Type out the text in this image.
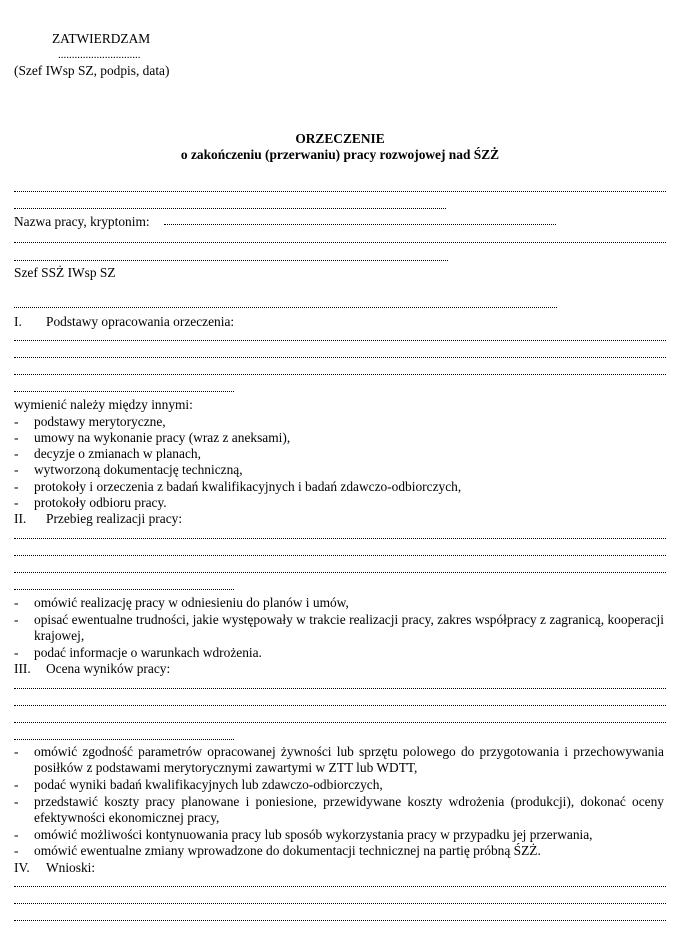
ZATWIERDZAM
..............................
(Szef IWsp SZ, podpis, data)
ORZECZENIE
o zakończeniu (przerwaniu) pracy rozwojowej nad ŚZŻ
Nazwa pracy, kryptonim:
Szef SSŻ IWsp SZ
I. Podstawy opracowania orzeczenia:
wymienić należy między innymi:
- podstawy merytoryczne,
- umowy na wykonanie pracy (wraz z aneksami),
- decyzje o zmianach w planach,
- wytworzoną dokumentację techniczną,
- protokoły i orzeczenia z badań kwalifikacyjnych i badań zdawczo-odbiorczych,
- protokoły odbioru pracy.
II. Przebieg realizacji pracy:
- omówić realizację pracy w odniesieniu do planów i umów,
- opisać ewentualne trudności, jakie występowały w trakcie realizacji pracy, zakres współpracy z zagranicą, kooperacji krajowej,
- podać informacje o warunkach wdrożenia.
III. Ocena wyników pracy:
- omówić zgodność parametrów opracowanej żywności lub sprzętu polowego do przygotowania i przechowywania posiłków z podstawami merytorycznymi zawartymi w ZTT lub WDTT,
- podać wyniki badań kwalifikacyjnych lub zdawczo-odbiorczych,
- przedstawić koszty pracy planowane i poniesione, przewidywane koszty wdrożenia (produkcji), dokonać oceny efektywności ekonomicznej pracy,
- omówić możliwości kontynuowania pracy lub sposób wykorzystania pracy w przypadku jej przerwania,
- omówić ewentualne zmiany wprowadzone do dokumentacji technicznej na partię próbną ŚZŻ.
IV. Wnioski:
